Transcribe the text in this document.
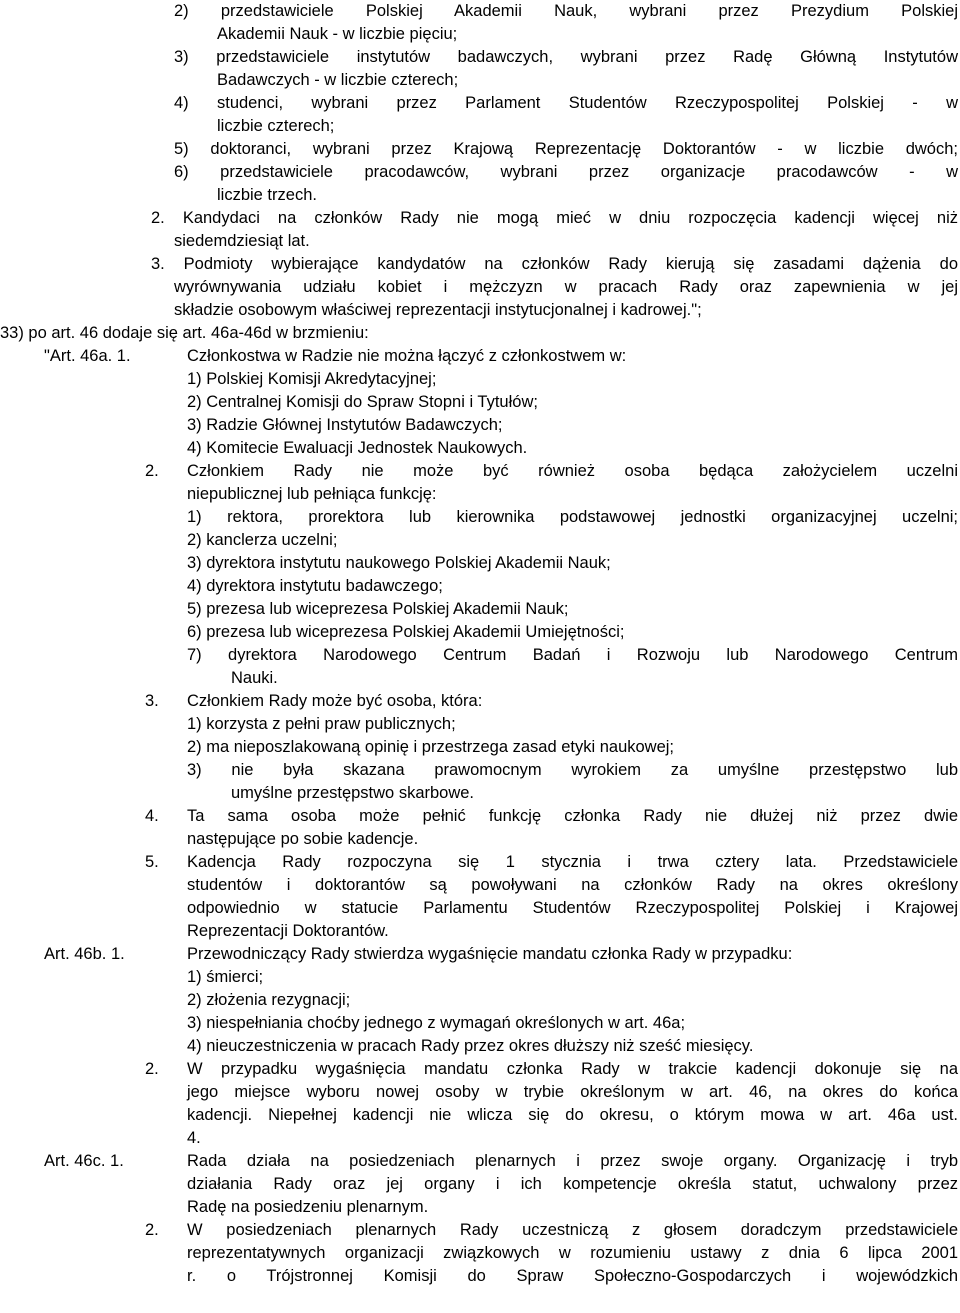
2) przedstawiciele Polskiej Akademii Nauk, wybrani przez Prezydium Polskiej
Akademii Nauk - w liczbie pięciu;
3) przedstawiciele instytutów badawczych, wybrani przez Radę Główną Instytutów
Badawczych - w liczbie czterech;
4) studenci, wybrani przez Parlament Studentów Rzeczypospolitej Polskiej - w
liczbie czterech;
5) doktoranci, wybrani przez Krajową Reprezentację Doktorantów - w liczbie dwóch;
6) przedstawiciele pracodawców, wybrani przez organizacje pracodawców - w
liczbie trzech.
2. Kandydaci na członków Rady nie mogą mieć w dniu rozpoczęcia kadencji więcej niż
siedemdziesiąt lat.
3. Podmioty wybierające kandydatów na członków Rady kierują się zasadami dążenia do
wyrównywania udziału kobiet i mężczyzn w pracach Rady oraz zapewnienia w jej
składzie osobowym właściwej reprezentacji instytucjonalnej i kadrowej.";
33) po art. 46 dodaje się art. 46a-46d w brzmieniu:
"Art. 46a. 1.	Członkostwa w Radzie nie można łączyć z członkostwem w:
1) Polskiej Komisji Akredytacyjnej;
2) Centralnej Komisji do Spraw Stopni i Tytułów;
3) Radzie Głównej Instytutów Badawczych;
4) Komitecie Ewaluacji Jednostek Naukowych.
2. Członkiem Rady nie może być również osoba będąca założycielem uczelni
niepublicznej lub pełniąca funkcję:
1) rektora, prorektora lub kierownika podstawowej jednostki organizacyjnej uczelni;
2) kanclerza uczelni;
3) dyrektora instytutu naukowego Polskiej Akademii Nauk;
4) dyrektora instytutu badawczego;
5) prezesa lub wiceprezesa Polskiej Akademii Nauk;
6) prezesa lub wiceprezesa Polskiej Akademii Umiejętności;
7) dyrektora Narodowego Centrum Badań i Rozwoju lub Narodowego Centrum
Nauki.
3. Członkiem Rady może być osoba, która:
1) korzysta z pełni praw publicznych;
2) ma nieposzlakowaną opinię i przestrzega zasad etyki naukowej;
3) nie była skazana prawomocnym wyrokiem za umyślne przestępstwo lub
umyślne przestępstwo skarbowe.
4. Ta sama osoba może pełnić funkcję członka Rady nie dłużej niż przez dwie
następujące po sobie kadencje.
5. Kadencja Rady rozpoczyna się 1 stycznia i trwa cztery lata. Przedstawiciele
studentów i doktorantów są powoływani na członków Rady na okres określony
odpowiednio w statucie Parlamentu Studentów Rzeczypospolitej Polskiej i Krajowej
Reprezentacji Doktorantów.
Art. 46b. 1.	Przewodniczący Rady stwierdza wygaśnięcie mandatu członka Rady w przypadku:
1) śmierci;
2) złożenia rezygnacji;
3) niespełniania choćby jednego z wymagań określonych w art. 46a;
4) nieuczestniczenia w pracach Rady przez okres dłuższy niż sześć miesięcy.
2. W przypadku wygaśnięcia mandatu członka Rady w trakcie kadencji dokonuje się na
jego miejsce wyboru nowej osoby w trybie określonym w art. 46, na okres do końca
kadencji. Niepełnej kadencji nie wlicza się do okresu, o którym mowa w art. 46a ust.
4.
Art. 46c. 1.	Rada działa na posiedzeniach plenarnych i przez swoje organy. Organizację i tryb
działania Rady oraz jej organy i ich kompetencje określa statut, uchwalony przez
Radę na posiedzeniu plenarnym.
2. W posiedzeniach plenarnych Rady uczestniczą z głosem doradczym przedstawiciele
reprezentatywnych organizacji związkowych w rozumieniu ustawy z dnia 6 lipca 2001
r. o Trójstronnej Komisji do Spraw Społeczno-Gospodarczych i wojewódzkich
